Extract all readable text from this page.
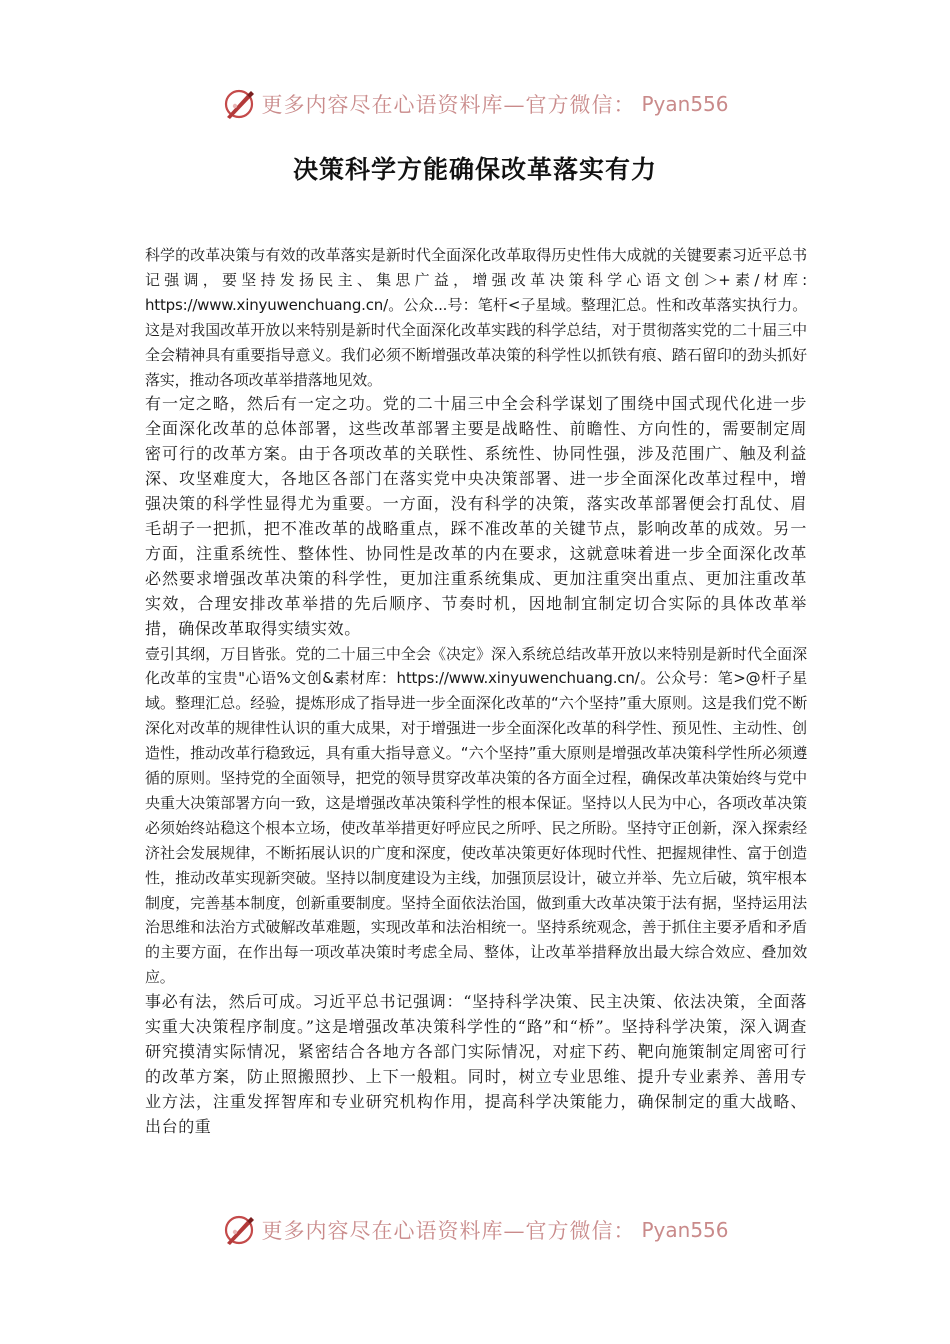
更多内容尽在心语资料库—官方微信： Pyan556
决策科学方能确保改革落实有力

科学的改革决策与有效的改革落实是新时代全面深化改革取得历史性伟大成就的关键要素习近平总书记强调，要坚持发扬民主、集思广益，增强改革决策科学心语文创＞+素/材库: https://www.xinyuwenchuang.cn/。公众...号：笔杆<子星域。整理汇总。性和改革落实执行力。这是对我国改革开放以来特别是新时代全面深化改革实践的科学总结，对于贯彻落实党的二十届三中全会精神具有重要指导意义。我们必须不断增强改革决策的科学性以抓铁有痕、踏石留印的劲头抓好落实，推动各项改革举措落地见效。

有一定之略，然后有一定之功。党的二十届三中全会科学谋划了围绕中国式现代化进一步全面深化改革的总体部署，这些改革部署主要是战略性、前瞻性、方向性的，需要制定周密可行的改革方案。由于各项改革的关联性、系统性、协同性强，涉及范围广、触及利益深、攻坚难度大，各地区各部门在落实党中央决策部署、进一步全面深化改革过程中，增强决策的科学性显得尤为重要。一方面，没有科学的决策，落实改革部署便会打乱仗、眉毛胡子一把抓，把不准改革的战略重点，踩不准改革的关键节点，影响改革的成效。另一方面，注重系统性、整体性、协同性是改革的内在要求，这就意味着进一步全面深化改革必然要求增强改革决策的科学性，更加注重系统集成、更加注重突出重点、更加注重改革实效，合理安排改革举措的先后顺序、节奏时机，因地制宜制定切合实际的具体改革举措，确保改革取得实绩实效。

壹引其纲，万目皆张。党的二十届三中全会《决定》深入系统总结改革开放以来特别是新时代全面深化改革的宝贵"心语%文创&素材库：https://www.xinyuwenchuang.cn/。公众号：笔>@杆子星域。整理汇总。经验，提炼形成了指导进一步全面深化改革的“六个坚持”重大原则。这是我们党不断深化对改革的规律性认识的重大成果，对于增强进一步全面深化改革的科学性、预见性、主动性、创造性，推动改革行稳致远，具有重大指导意义。“六个坚持”重大原则是增强改革决策科学性所必须遵循的原则。坚持党的全面领导，把党的领导贯穿改革决策的各方面全过程，确保改革决策始终与党中央重大决策部署方向一致，这是增强改革决策科学性的根本保证。坚持以人民为中心，各项改革决策必须始终站稳这个根本立场，使改革举措更好呼应民之所呼、民之所盼。坚持守正创新，深入探索经济社会发展规律，不断拓展认识的广度和深度，使改革决策更好体现时代性、把握规律性、富于创造性，推动改革实现新突破。坚持以制度建设为主线，加强顶层设计，破立并举、先立后破，筑牢根本制度，完善基本制度，创新重要制度。坚持全面依法治国，做到重大改革决策于法有据，坚持运用法治思维和法治方式破解改革难题，实现改革和法治相统一。坚持系统观念，善于抓住主要矛盾和矛盾的主要方面，在作出每一项改革决策时考虑全局、整体，让改革举措释放出最大综合效应、叠加效应。

事必有法，然后可成。习近平总书记强调：“坚持科学决策、民主决策、依法决策，全面落实重大决策程序制度。”这是增强改革决策科学性的“路”和“桥”。坚持科学决策，深入调查研究摸清实际情况，紧密结合各地方各部门实际情况，对症下药、靶向施策制定周密可行的改革方案，防止照搬照抄、上下一般粗。同时，树立专业思维、提升专业素养、善用专业方法，注重发挥智库和专业研究机构作用，提高科学决策能力，确保制定的重大战略、出台的重

更多内容尽在心语资料库—官方微信： Pyan556
